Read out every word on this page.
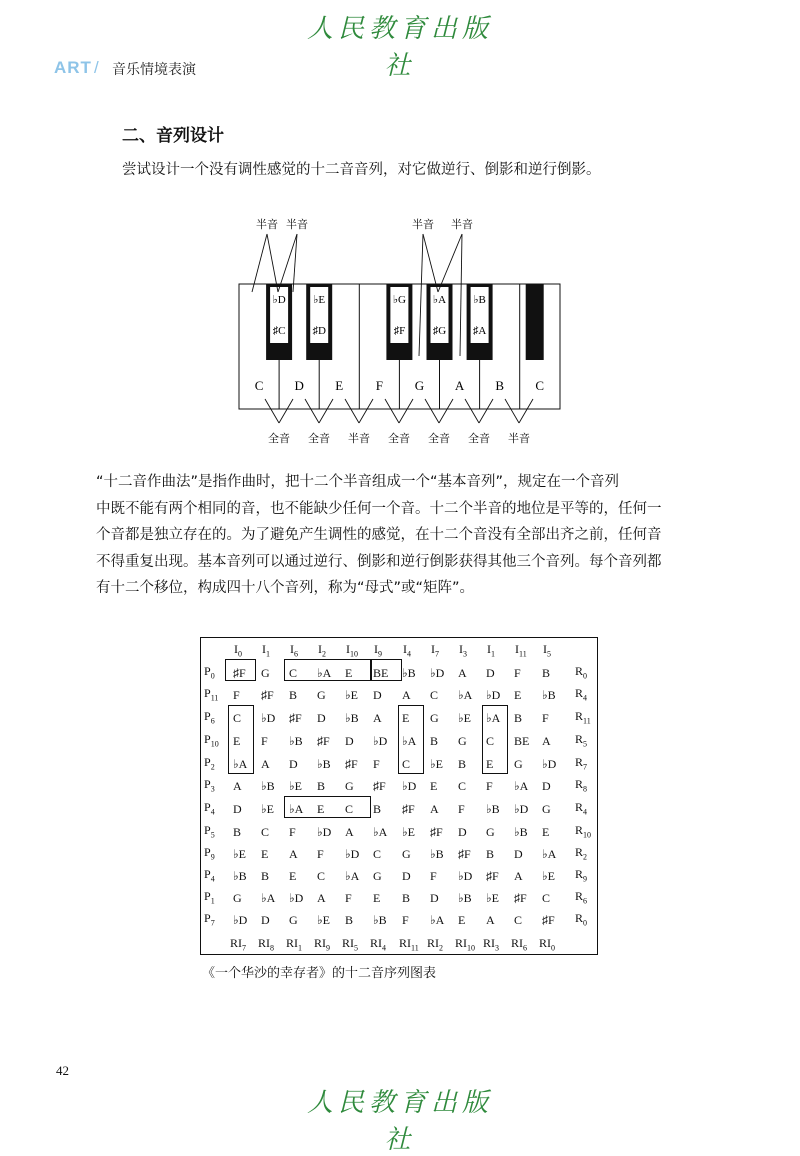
人民教育出版社
ART / 音乐情境表演
二、音列设计
尝试设计一个没有调性感觉的十二音音列，对它做逆行、倒影和逆行倒影。
C D E	F G A B C
♭D
♯C
♭E
♯D
♭G
♯F
♭A
♯G
♭B
♯A
半音 半音	半音 半音
全音 全音 半音 全音 全音 全音 半音

“十二音作曲法”是指作曲时，把十二个半音组成一个“基本音列”，规定在一个音列

中既不能有两个相同的音，也不能缺少任何一个音。十二个半音的地位是平等的，任何一

个音都是独立存在的。为了避免产生调性的感觉，在十二个音没有全部出齐之前，任何音

不得重复出现。基本音列可以通过逆行、倒影和逆行倒影获得其他三个音列。每个音列都

有十二个移位，构成四十八个音列，称为“母式”或“矩阵”。

$I_0$ $I_1$ $I_6$ $I_2$ $I_{10}$ $I_9$ $I_4$ $I_7$ $I_3$ $I_1$ $I_{11}$ $I_5$
$RI_7$ $RI_8$ $RI_1$ $RI_9$ $RI_5$ $RI_4$ $RI_{11}$ $RI_2$ $RI_{10}$ $RI_3$ $RI_6$ $RI_0$
$P_0$
$P_{11}$
$P_6$
$P_{10}$
$P_2$
$P_3$
$P_4$
$P_5$
$P_9$
$P_4$
$P_1$
$P_7$
$R_0$
$R_4$
$R_{11}$
$R_5$
$R_7$
$R_8$
$R_4$
$R_{10}$
$R_2$
$R_9$
$R_6$
$R_0$
♯F G C ♭A E BE ♭B ♭D A D F B
F ♯F B G ♭E D A C ♭A ♭D E ♭B
C ♭D ♯F D ♭B A E G ♭E ♭A B F
E F ♭B ♯F D ♭D ♭A B G C BE A
♭A A D ♭B ♯F F C ♭E B E G ♭D
A ♭B ♭E B G ♯F ♭D E C F ♭A D
D ♭E ♭A E C B ♯F A F ♭B ♭D G
B C F ♭D A ♭A ♭E ♯F D G ♭B E
♭E E A F ♭D C G ♭B ♯F B D ♭A
♭B B E C ♭A G D F ♭D ♯F A ♭E
G ♭A ♭D A F E B D ♭B ♭E ♯F C
♭D D G ♭E B ♭B F ♭A E A C ♯F
《一个华沙的幸存者》的十二音序列图表
42
人民教育出版社
